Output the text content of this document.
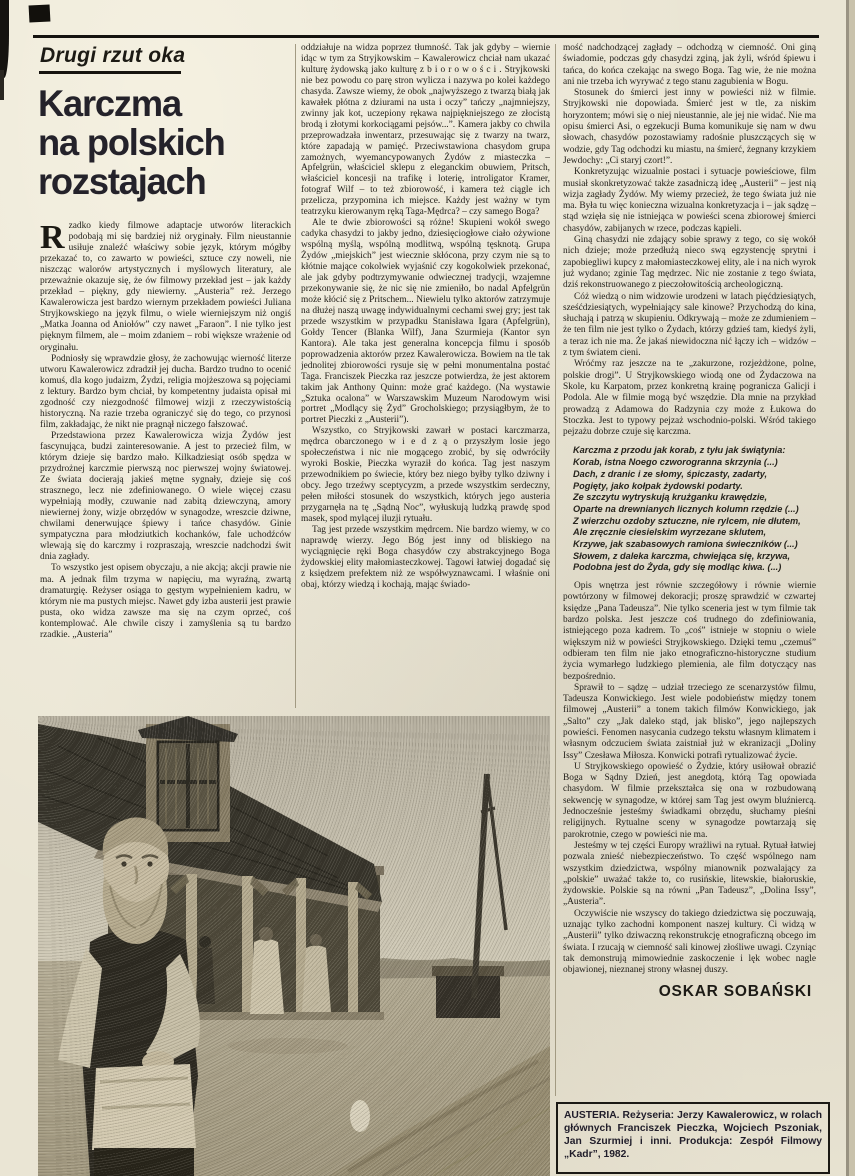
Drugi rzut oka
Karczma
na polskich
rozstajach

Rzadko kiedy filmowe adaptacje utworów literackich podobają mi się bardziej niż oryginały. Film nieustannie usiłuje znaleźć właściwy sobie język, którym mógłby przekazać to, co zawarto w powieści, sztuce czy noweli, nie niszcząc walorów artystycznych i myślowych literatury, ale przeważnie okazuje się, że ów filmowy przekład jest – jak każdy przekład – piękny, gdy niewierny. „Austeria” reż. Jerzego Kawalerowicza jest bardzo wiernym przekładem powieści Juliana Stryjkowskiego na język filmu, o wiele wierniejszym niż ongiś „Matka Joanna od Aniołów” czy nawet „Faraon”. I nie tylko jest pięknym filmem, ale – moim zdaniem – robi większe wrażenie od oryginału.

Podniosły się wprawdzie głosy, że zachowując wierność literze utworu Kawalerowicz zdradził jej ducha. Bardzo trudno to ocenić komuś, dla kogo judaizm, Żydzi, religia mojżeszowa są pojęciami z lektury. Bardzo bym chciał, by kompetentny judaista opisał mi zgodność czy niezgodność filmowej wizji z rzeczywistością historyczną. Na razie trzeba ograniczyć się do tego, co przynosi film, zakładając, że nikt nie pragnął niczego fałszować.

Przedstawiona przez Kawalerowicza wizja Żydów jest fascynująca, budzi zainteresowanie. A jest to przecież film, w którym dzieje się bardzo mało. Kilkadziesiąt osób spędza w przydrożnej karczmie pierwszą noc pierwszej wojny światowej. Ze świata docierają jakieś mętne sygnały, dzieje się coś strasznego, lecz nie zdefiniowanego. O wiele więcej czasu wypełniają modły, czuwanie nad zabitą dziewczyną, amory niewiernej żony, wizje obrzędów w synagodze, wreszcie dziwne, chwilami denerwujące śpiewy i tańce chasydów. Ginie sympatyczna para młodziutkich kochanków, fale uchodźców wlewają się do karczmy i rozpraszają, wreszcie nadchodzi świt dnia zagłady.

To wszystko jest opisem obyczaju, a nie akcją; akcji prawie nie ma. A jednak film trzyma w napięciu, ma wyraźną, zwartą dramaturgię. Reżyser osiąga to gęstym wypełnieniem kadru, w którym nie ma pustych miejsc. Nawet gdy izba austerii jest prawie pusta, oko widza zawsze ma się na czym oprzeć, coś kontemplować. Ale chwile ciszy i zamyślenia są tu bardzo rzadkie. „Austeria”

oddziałuje na widza poprzez tłumność. Tak jak gdyby – wiernie idąc w tym za Stryjkowskim – Kawalerowicz chciał nam ukazać kulturę żydowską jako kulturę z b i o r o w o ś c i . Stryjkowski nie bez powodu co parę stron wylicza i nazywa po kolei każdego chasyda. Zawsze wiemy, że obok „najwyższego z twarzą białą jak kawałek płótna z dziurami na usta i oczy” tańczy „najmniejszy, zwinny jak kot, uczepiony rękawa najpiękniejszego ze złocistą brodą i złotymi korkociągami pejsów...”. Kamera jakby co chwila przeprowadzała inwentarz, przesuwając się z twarzy na twarz, które zapadają w pamięć. Przeciwstawiona chasydom grupa zamożnych, wyemancypowanych Żydów z miasteczka – Apfelgrün, właściciel sklepu z eleganckim obuwiem, Pritsch, właściciel koncesji na trafikę i loterię, introligator Kramer, fotograf Wilf – to też zbiorowość, i kamera też ciągle ich przelicza, przypomina ich miejsce. Każdy jest ważny w tym teatrzyku kierowanym ręką Taga-Mędrca? – czy samego Boga?

Ale te dwie zbiorowości są różne! Skupieni wokół swego cadyka chasydzi to jakby jedno, dziesięciogłowe ciało ożywione wspólną myślą, wspólną modlitwą, wspólną tęsknotą. Grupa Żydów „miejskich” jest wiecznie skłócona, przy czym nie są to kłótnie mające cokolwiek wyjaśnić czy kogokolwiek przekonać, ale jak gdyby podtrzymywanie odwiecznej tradycji, wzajemne przekonywanie się, że nic się nie zmieniło, bo nadal Apfelgrün może kłócić się z Pritschem... Niewielu tylko aktorów zatrzymuje na dłużej naszą uwagę indywidualnymi cechami swej gry; jest tak przede wszystkim w przypadku Stanisława Igara (Apfelgrün), Gołdy Tencer (Blanka Wilf), Jana Szurmieja (Kantor syn Kantora). Ale taka jest generalna koncepcja filmu i sposób poprowadzenia aktorów przez Kawalerowicza. Bowiem na tle tak jednolitej zbiorowości rysuje się w pełni monumentalna postać Taga. Franciszek Pieczka raz jeszcze potwierdza, że jest aktorem takim jak Anthony Quinn: może grać każdego. (Na wystawie „Sztuka ocalona” w Warszawskim Muzeum Narodowym wisi portret „Modlący się Żyd” Grocholskiego; przysiągłbym, że to portret Pieczki z „Austerii”).

Wszystko, co Stryjkowski zawarł w postaci karczmarza, mędrca obarczonego w i e d z ą o przyszłym losie jego społeczeństwa i nic nie mogącego zrobić, by się odwróciły wyroki Boskie, Pieczka wyraził do końca. Tag jest naszym przewodnikiem po świecie, który bez niego byłby tylko dziwny i obcy. Jego trzeźwy sceptycyzm, a przede wszystkim serdeczny, pełen miłości stosunek do wszystkich, których jego austeria przygarnęła na tę „Sądną Noc”, wyłuskują ludzką prawdę spod masek, spod mylącej iluzji rytuału.

Tag jest przede wszystkim mędrcem. Nie bardzo wiemy, w co naprawdę wierzy. Jego Bóg jest inny od bliskiego na wyciągnięcie ręki Boga chasydów czy abstrakcyjnego Boga żydowskiej elity małomiasteczkowej. Tagowi łatwiej dogadać się z księdzem prefektem niż ze współwyznawcami. I właśnie oni obaj, którzy wiedzą i kochają, mając świado-

mość nadchodzącej zagłady – odchodzą w ciemność. Oni giną świadomie, podczas gdy chasydzi zginą, jak żyli, wśród śpiewu i tańca, do końca czekając na swego Boga. Tag wie, że nie można ani nie trzeba ich wyrywać z tego stanu zagubienia w Bogu.

Stosunek do śmierci jest inny w powieści niż w filmie. Stryjkowski nie dopowiada. Śmierć jest w tle, za niskim horyzontem; mówi się o niej nieustannie, ale jej nie widać. Nie ma opisu śmierci Asi, o egzekucji Buma komunikuje się nam w dwu słowach, chasydów pozostawiamy radośnie pluszczących się w wodzie, gdy Tag odchodzi ku miastu, na śmierć, żegnany krzykiem Jewdochy: „Ci staryj czort!”.

Konkretyzując wizualnie postaci i sytuacje powieściowe, film musiał skonkretyzować także zasadniczą ideę „Austerii” – jest nią wizja zagłady Żydów. My wiemy przecież, że tego świata już nie ma. Była tu więc konieczna wizualna konkretyzacja i – jak sądzę – stąd wzięła się nie istniejąca w powieści scena zbiorowej śmierci chasydów, zabijanych w rzece, podczas kąpieli.

Giną chasydzi nie zdający sobie sprawy z tego, co się wokół nich dzieje; może przedłużą nieco swą egzystencję sprytni i zapobiegliwi kupcy z małomiasteczkowej elity, ale i na nich wyrok już wydano; zginie Tag mędrzec. Nic nie zostanie z tego świata, dziś rekonstruowanego z pieczołowitością archeologiczną.

Cóż wiedzą o nim widzowie urodzeni w latach pięćdziesiątych, sześćdziesiątych, wypełniający sale kinowe? Przychodzą do kina, słuchają i patrzą w skupieniu. Odkrywają – może ze zdumieniem – że ten film nie jest tylko o Żydach, którzy gdzieś tam, kiedyś żyli, a teraz ich nie ma. Że jakaś niewidoczna nić łączy ich – widzów – z tym światem cieni.

Wróćmy raz jeszcze na te „zakurzone, rozjeżdżone, polne, polskie drogi”. U Stryjkowskiego wiodą one od Żydaczowa na Skole, ku Karpatom, przez konkretną krainę pogranicza Galicji i Podola. Ale w filmie mogą być wszędzie. Dla mnie na przykład prowadzą z Adamowa do Radzynia czy może z Łukowa do Stoczka. Jest to typowy pejzaż wschodnio-polski. Wśród takiego pejzażu dobrze czuje się karczma.

Karczma z przodu jak korab, z tyłu jak świątynia:
Korab, istna Noego czworogranna skrzynia (...)
Dach, z dranic i ze słomy, śpiczasty, zadarty,
Pogięty, jako kołpak żydowski podarty.
Ze szczytu wytryskują krużganku krawędzie,
Oparte na drewnianych licznych kolumn rzędzie (...)
Z wierzchu ozdoby sztuczne, nie rylcem, nie dłutem,
Ale zręcznie ciesielskim wyrzezane sklutem,
Krzywe, jak szabasowych ramiona świeczników (...)
Słowem, z daleka karczma, chwiejąca się, krzywa,
Podobna jest do Żyda, gdy się modląc kiwa. (...)

Opis wnętrza jest równie szczegółowy i równie wiernie powtórzony w filmowej dekoracji; proszę sprawdzić w czwartej księdze „Pana Tadeusza”. Nie tylko sceneria jest w tym filmie tak bardzo polska. Jest jeszcze coś trudnego do zdefiniowania, istniejącego poza kadrem. To „coś” istnieje w stopniu o wiele większym niż w powieści Stryjkowskiego. Dzięki temu „czemuś” odbieram ten film nie jako etnograficzno-historyczne studium życia wymarłego ludzkiego plemienia, ale film dotyczący nas bezpośrednio.

Sprawił to – sądzę – udział trzeciego ze scenarzystów filmu, Tadeusza Konwickiego. Jest wiele podobieństw między tonem filmowej „Austerii” a tonem takich filmów Konwickiego, jak „Salto” czy „Jak daleko stąd, jak blisko”, jego najlepszych powieści. Fenomen nasycania cudzego tekstu własnym klimatem i własnym odczuciem świata zaistniał już w ekranizacji „Doliny Issy” Czesława Miłosza. Konwicki potrafi rytualizować życie.

U Stryjkowskiego opowieść o Żydzie, który usiłował obrazić Boga w Sądny Dzień, jest anegdotą, którą Tag opowiada chasydom. W filmie przekształca się ona w rozbudowaną sekwencję w synagodze, w której sam Tag jest owym bluźniercą. Jednocześnie jesteśmy świadkami obrzędu, słuchamy pieśni religijnych. Rytualne sceny w synagodze powtarzają się parokrotnie, czego w powieści nie ma.

Jesteśmy w tej części Europy wrażliwi na rytuał. Rytuał łatwiej pozwala znieść niebezpieczeństwo. To część wspólnego nam wszystkim dziedzictwa, wspólny mianownik pozwalający za „polskie” uważać także to, co rusińskie, litewskie, białoruskie, żydowskie. Polskie są na równi „Pan Tadeusz”, „Dolina Issy”, „Austeria”.

Oczywiście nie wszyscy do takiego dziedzictwa się poczuwają, uznając tylko zachodni komponent naszej kultury. Ci widzą w „Austerii” tylko dziwaczną rekonstrukcję etnograficzną obcego im świata. I rzucają w ciemność sali kinowej złośliwe uwagi. Czyniąc tak demonstrują mimowiednie zaskoczenie i lęk wobec nagle objawionej, nieznanej strony własnej duszy.

OSKAR SOBAŃSKI

AUSTERIA. Reżyseria: Jerzy Kawalerowicz, w rolach głównych Franciszek Pieczka, Wojciech Pszoniak, Jan Szurmiej i inni. Produkcja: Zespół Filmowy „Kadr”, 1982.
